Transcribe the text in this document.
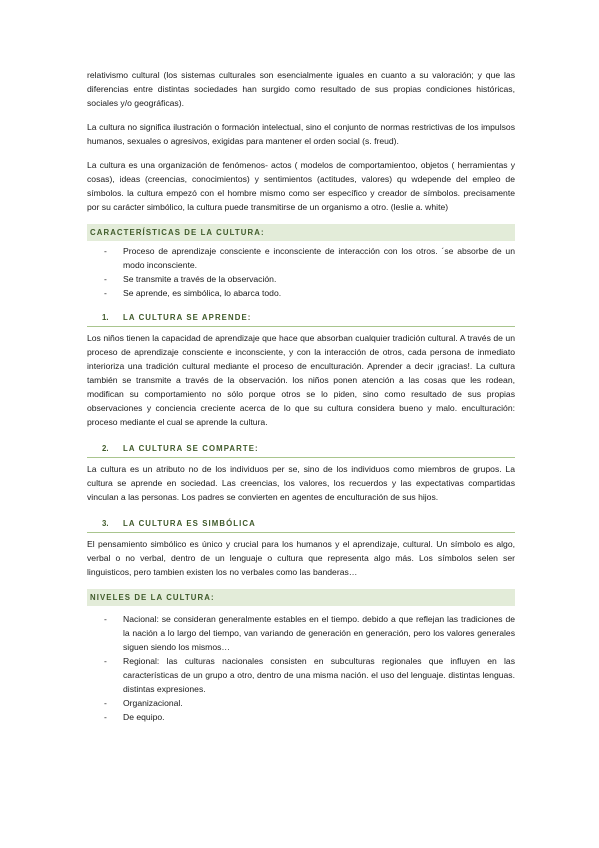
relativismo cultural (los sistemas culturales son esencialmente iguales en cuanto a su valoración; y que las diferencias entre distintas sociedades han surgido como resultado de sus propias condiciones históricas, sociales y/o geográficas).

La cultura no significa ilustración o formación intelectual, sino el conjunto de normas restrictivas de los impulsos humanos, sexuales o agresivos, exigidas para mantener el orden social (s. freud).

La cultura es una organización de fenómenos- actos ( modelos de comportamientoo, objetos ( herramientas y cosas), ideas (creencias, conocimientos) y sentimientos (actitudes, valores) qu wdepende del empleo de símbolos. la cultura empezó con el hombre mismo como ser específico y creador de símbolos. precisamente por su carácter simbólico, la cultura puede transmitirse de un organismo a otro. (leslie a. white)

CARACTERÍSTICAS DE LA CULTURA:
- Proceso de aprendizaje consciente e inconsciente de interacción con los otros. ´se absorbe de un modo inconsciente.
- Se transmite a través de la observación.
- Se aprende, es simbólica, lo abarca todo.
1.	LA CULTURA SE APRENDE:

Los niños tienen la capacidad de aprendizaje que hace que absorban cualquier tradición cultural. A través de un proceso de aprendizaje consciente e inconsciente, y con la interacción de otros, cada persona de inmediato interioriza una tradición cultural mediante el proceso de enculturación. Aprender a decir ¡gracias!. La cultura también se transmite a través de la observación. los niños ponen atención a las cosas que les rodean, modifican su comportamiento no sólo porque otros se lo piden, sino como resultado de sus propias observaciones y conciencia creciente acerca de lo que su cultura considera bueno y malo. enculturación: proceso mediante el cual se aprende la cultura.

2.	LA CULTURA SE COMPARTE:

La cultura es un atributo no de los individuos per se, sino de los individuos como miembros de grupos. La cultura se aprende en sociedad. Las creencias, los valores, los recuerdos y las expectativas compartidas vinculan a las personas. Los padres se convierten en agentes de enculturación de sus hijos.

3.	LA CULTURA ES SIMBÓLICA

El pensamiento simbólico es único y crucial para los humanos y el aprendizaje, cultural. Un símbolo es algo, verbal o no verbal, dentro de un lenguaje o cultura que representa algo más. Los símbolos selen ser linguisticos, pero tambien existen los no verbales como las banderas…

NIVELES DE LA CULTURA:
- Nacional: se consideran generalmente estables en el tiempo. debido a que reflejan las tradiciones de la nación a lo largo del tiempo, van variando de generación en generación, pero los valores generales siguen siendo los mismos…
- Regional: las culturas nacionales consisten en subculturas regionales que influyen en las características de un grupo a otro, dentro de una misma nación. el uso del lenguaje. distintas lenguas. distintas expresiones.
- Organizacional.
- De equipo.
